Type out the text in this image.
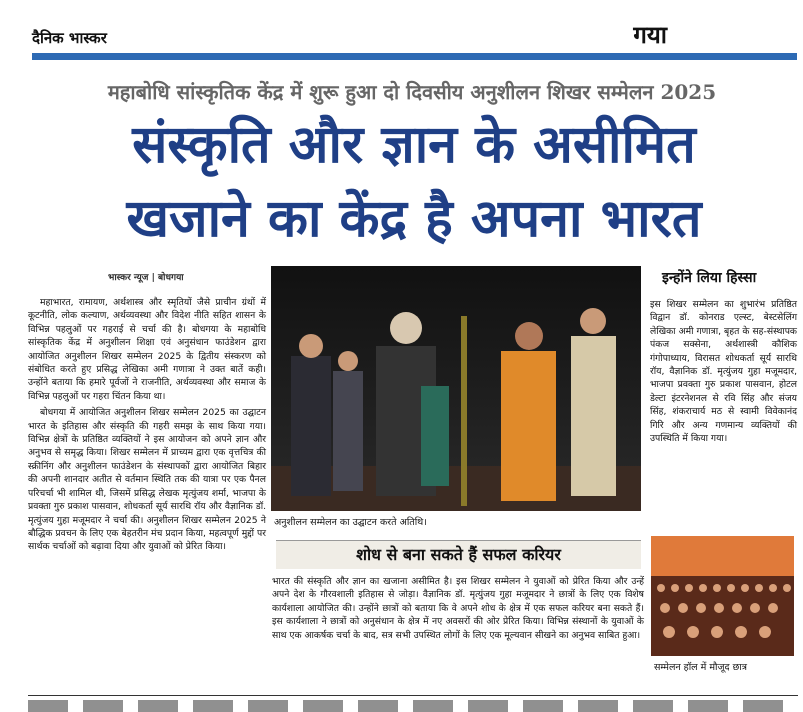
दैनिक भास्कर	गया
महाबोधि सांस्कृतिक केंद्र में शुरू हुआ दो दिवसीय अनुशीलन शिखर सम्मेलन 2025
संस्कृति और ज्ञान के असीमित
खजाने का केंद्र है अपना भारत
भास्कर न्यूज | बोधगया

महाभारत, रामायण, अर्थशास्त्र और स्मृतियों जैसे प्राचीन ग्रंथों में कूटनीति, लोक कल्याण, अर्थव्यवस्था और विदेश नीति सहित शासन के विभिन्न पहलुओं पर गहराई से चर्चा की है। बोधगया के महाबोधि सांस्कृतिक केंद्र में अनुशीलन शिक्षा एवं अनुसंधान फाउंडेशन द्वारा आयोजित अनुशीलन शिखर सम्मेलन 2025 के द्वितीय संस्करण को संबोधित करते हुए प्रसिद्ध लेखिका अमी गणात्रा ने उक्त बातें कही। उन्होंने बताया कि हमारे पूर्वजों ने राजनीति, अर्थव्यवस्था और समाज के विभिन्न पहलुओं पर गहरा चिंतन किया था।

बोधगया में आयोजित अनुशीलन शिखर सम्मेलन 2025 का उद्घाटन भारत के इतिहास और संस्कृति की गहरी समझ के साथ किया गया। विभिन्न क्षेत्रों के प्रतिष्ठित व्यक्तियों ने इस आयोजन को अपने ज्ञान और अनुभव से समृद्ध किया। शिखर सम्मेलन में प्राच्यम द्वारा एक वृत्तचित्र की स्क्रीनिंग और अनुशीलन फाउंडेशन के संस्थापकों द्वारा आयोजित बिहार की अपनी शानदार अतीत से वर्तमान स्थिति तक की यात्रा पर एक पैनल परिचर्चा भी शामिल थी, जिसमें प्रसिद्ध लेखक मृत्युंजय शर्मा, भाजपा के प्रवक्ता गुरु प्रकाश पासवान, शोधकर्ता सूर्य सारथि रॉय और वैज्ञानिक डॉ. मृत्युंजय गुहा मजूमदार ने चर्चा की। अनुशीलन शिखर सम्मेलन 2025 ने बौद्धिक प्रवचन के लिए एक बेहतरीन मंच प्रदान किया, महत्वपूर्ण मुद्दों पर सार्थक चर्चाओं को बढ़ावा दिया और युवाओं को प्रेरित किया।

अनुशीलन सम्मेलन का उद्घाटन करते अतिथि।
शोध से बना सकते हैं सफल करियर
भारत की संस्कृति और ज्ञान का खजाना असीमित है। इस शिखर सम्मेलन ने युवाओं को प्रेरित किया और उन्हें अपने देश के गौरवशाली इतिहास से जोड़ा। वैज्ञानिक डॉ. मृत्युंजय गुहा मजूमदार ने छात्रों के लिए एक विशेष कार्यशाला आयोजित की। उन्होंने छात्रों को बताया कि वे अपने शोध के क्षेत्र में एक सफल करियर बना सकते हैं। इस कार्यशाला ने छात्रों को अनुसंधान के क्षेत्र में नए अवसरों की ओर प्रेरित किया। विभिन्न संस्थानों के युवाओं के साथ एक आकर्षक चर्चा के बाद, सत्र सभी उपस्थित लोगों के लिए एक मूल्यवान सीखने का अनुभव साबित हुआ।
इन्होंने लिया हिस्सा
इस शिखर सम्मेलन का शुभारंभ प्रतिष्ठित विद्वान डॉ. कोनराड एल्स्ट, बेस्टसेलिंग लेखिका अमी गणात्रा, बृहत के सह-संस्थापक पंकज सक्सेना, अर्थशास्त्री कौशिक गंगोपाध्याय, विरासत शोधकर्ता सूर्य सारथि रॉय, वैज्ञानिक डॉ. मृत्युंजय गुहा मजूमदार, भाजपा प्रवक्ता गुरु प्रकाश पासवान, होटल डेल्टा इंटरनेशनल से रवि सिंह और संजय सिंह, शंकराचार्य मठ से स्वामी विवेकानंद गिरि और अन्य गणमान्य व्यक्तियों की उपस्थिति में किया गया।
सम्मेलन हॉल में मौजूद छात्र
